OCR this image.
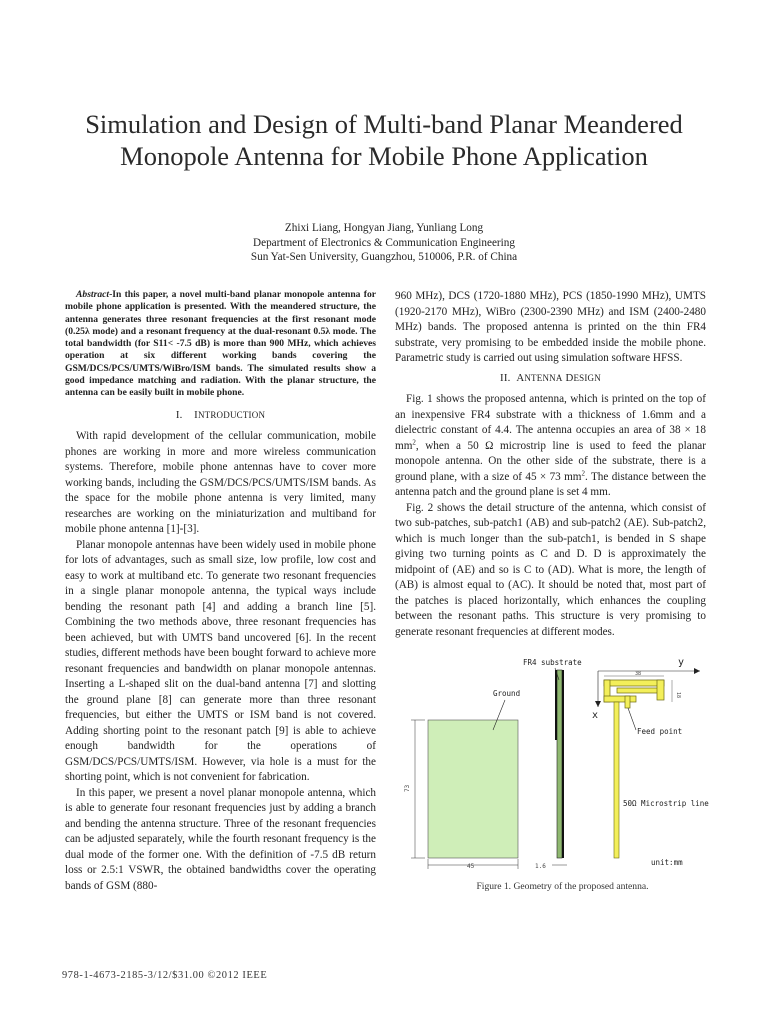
Simulation and Design of Multi-band Planar Meandered Monopole Antenna for Mobile Phone Application
Zhixi Liang, Hongyan Jiang, Yunliang Long
Department of Electronics & Communication Engineering
Sun Yat-Sen University, Guangzhou, 510006, P.R. of China

Abstract-In this paper, a novel multi-band planar monopole antenna for mobile phone application is presented. With the meandered structure, the antenna generates three resonant frequencies at the first resonant mode (0.25λ mode) and a resonant frequency at the dual-resonant 0.5λ mode. The total bandwidth (for S11< -7.5 dB) is more than 900 MHz, which achieves operation at six different working bands covering the GSM/DCS/PCS/UMTS/WiBro/ISM bands. The simulated results show a good impedance matching and radiation. With the planar structure, the antenna can be easily built in mobile phone.

I. INTRODUCTION

With rapid development of the cellular communication, mobile phones are working in more and more wireless communication systems. Therefore, mobile phone antennas have to cover more working bands, including the GSM/DCS/PCS/UMTS/ISM bands. As the space for the mobile phone antenna is very limited, many researches are working on the miniaturization and multiband for mobile phone antenna [1]-[3].

Planar monopole antennas have been widely used in mobile phone for lots of advantages, such as small size, low profile, low cost and easy to work at multiband etc. To generate two resonant frequencies in a single planar monopole antenna, the typical ways include bending the resonant path [4] and adding a branch line [5]. Combining the two methods above, three resonant frequencies has been achieved, but with UMTS band uncovered [6]. In the recent studies, different methods have been bought forward to achieve more resonant frequencies and bandwidth on planar monopole antennas. Inserting a L-shaped slit on the dual-band antenna [7] and slotting the ground plane [8] can generate more than three resonant frequencies, but either the UMTS or ISM band is not covered. Adding shorting point to the resonant patch [9] is able to achieve enough bandwidth for the operations of GSM/DCS/PCS/UMTS/ISM. However, via hole is a must for the shorting point, which is not convenient for fabrication.

In this paper, we present a novel planar monopole antenna, which is able to generate four resonant frequencies just by adding a branch and bending the antenna structure. Three of the resonant frequencies can be adjusted separately, while the fourth resonant frequency is the dual mode of the former one. With the definition of -7.5 dB return loss or 2.5:1 VSWR, the obtained bandwidths cover the operating bands of GSM (880-

960 MHz), DCS (1720-1880 MHz), PCS (1850-1990 MHz), UMTS (1920-2170 MHz), WiBro (2300-2390 MHz) and ISM (2400-2480 MHz) bands. The proposed antenna is printed on the thin FR4 substrate, very promising to be embedded inside the mobile phone. Parametric study is carried out using simulation software HFSS.

II. ANTENNA DESIGN

Fig. 1 shows the proposed antenna, which is printed on the top of an inexpensive FR4 substrate with a thickness of 1.6mm and a dielectric constant of 4.4. The antenna occupies an area of 38 × 18 $mm^2$, when a 50 Ω microstrip line is used to feed the planar monopole antenna. On the other side of the substrate, there is a ground plane, with a size of 45 × 73 $mm^2$. The distance between the antenna patch and the ground plane is set 4 mm.

Fig. 2 shows the detail structure of the antenna, which consist of two sub-patches, sub-patch1 (AB) and sub-patch2 (AE). Sub-patch2, which is much longer than the sub-patch1, is bended in S shape giving two turning points as C and D. D is approximately the midpoint of (AE) and so is C to (AD). What is more, the length of (AB) is almost equal to (AC). It should be noted that, most part of the patches is placed horizontally, which enhances the coupling between the resonant paths. This structure is very promising to generate resonant frequencies at different modes.

Ground
73
45
FR4 substrate
1.6
y
x
38
18
Feed point
50Ω Microstrip line
unit:mm
Figure 1. Geometry of the proposed antenna.
978-1-4673-2185-3/12/$31.00 ©2012 IEEE
